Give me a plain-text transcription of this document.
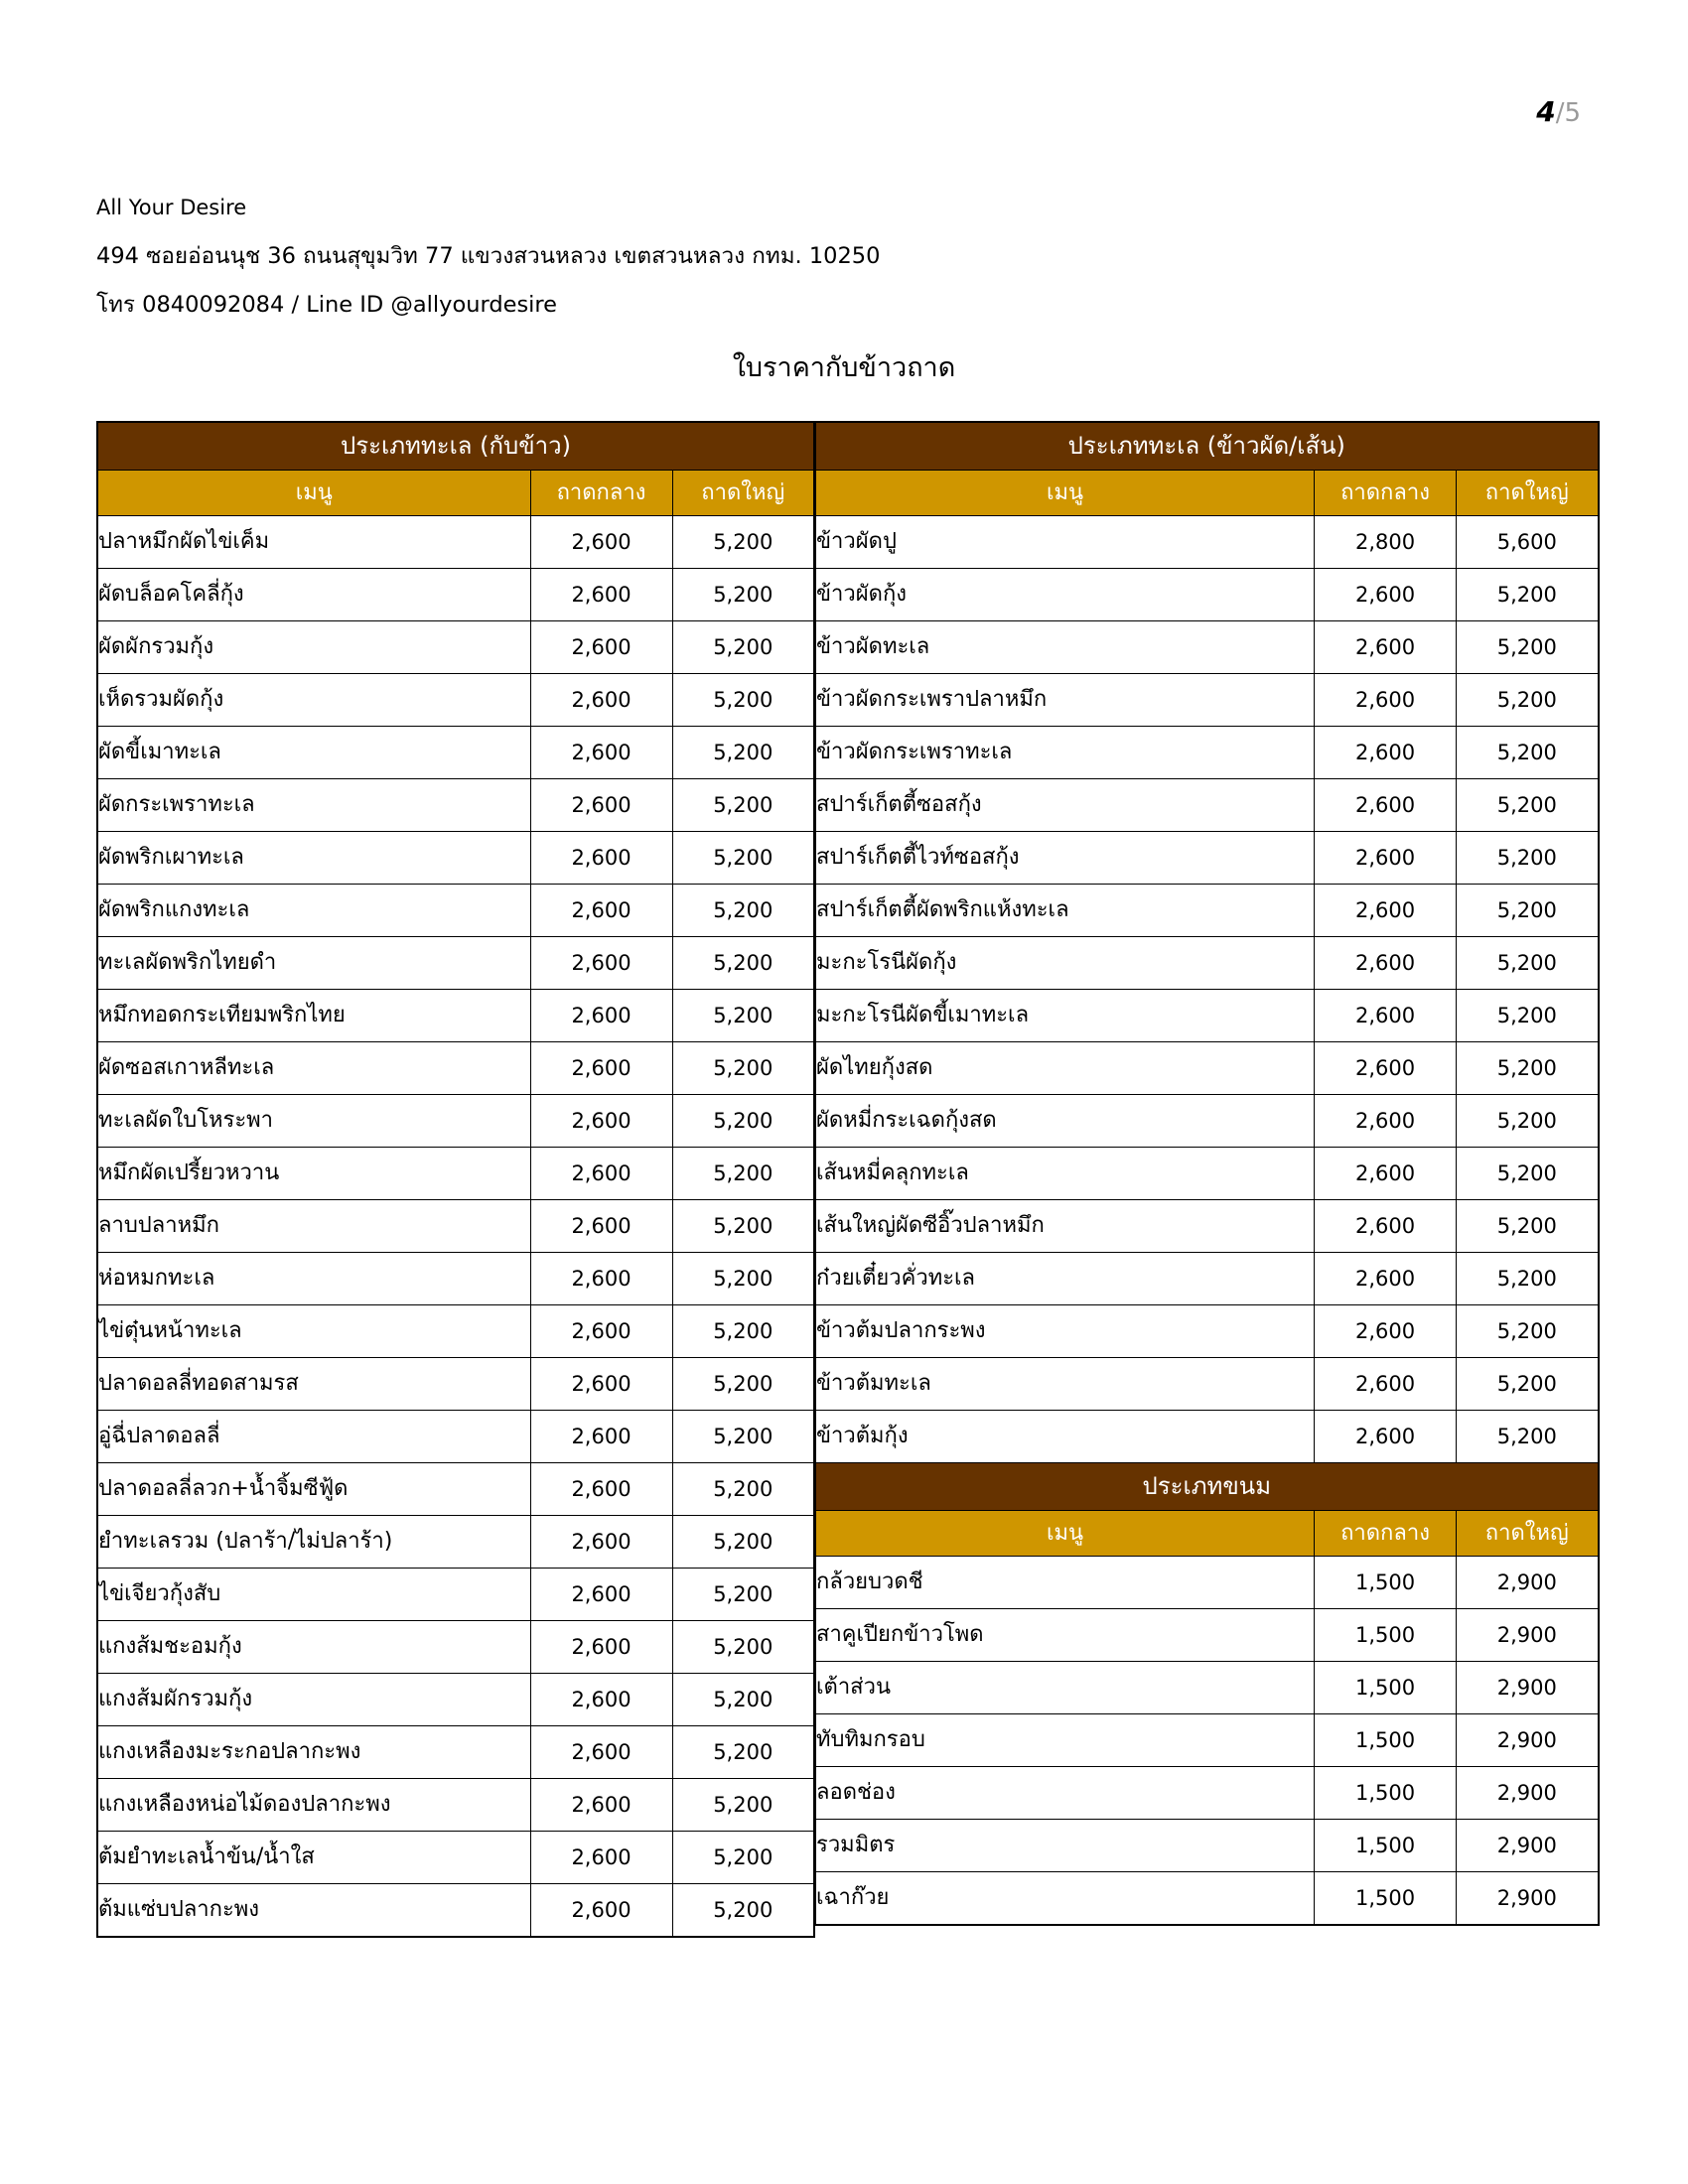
4/5
All Your Desire
494 ซอยอ่อนนุช 36 ถนนสุขุมวิท 77 แขวงสวนหลวง เขตสวนหลวง กทม. 10250
โทร 0840092084 / Line ID @allyourdesire
ใบราคากับข้าวถาด
ประเภททะเล (กับข้าว)		
เมนู	ถาดกลาง	ถาดใหญ่
ปลาหมึกผัดไข่เค็ม	2,600	5,200
ผัดบล็อคโคลี่กุ้ง	2,600	5,200
ผัดผักรวมกุ้ง	2,600	5,200
เห็ดรวมผัดกุ้ง	2,600	5,200
ผัดขี้เมาทะเล	2,600	5,200
ผัดกระเพราทะเล	2,600	5,200
ผัดพริกเผาทะเล	2,600	5,200
ผัดพริกแกงทะเล	2,600	5,200
ทะเลผัดพริกไทยดำ	2,600	5,200
หมึกทอดกระเทียมพริกไทย	2,600	5,200
ผัดซอสเกาหลีทะเล	2,600	5,200
ทะเลผัดใบโหระพา	2,600	5,200
หมึกผัดเปรี้ยวหวาน	2,600	5,200
ลาบปลาหมึก	2,600	5,200
ห่อหมกทะเล	2,600	5,200
ไข่ตุ๋นหน้าทะเล	2,600	5,200
ปลาดอลลี่ทอดสามรส	2,600	5,200
อู่ฉี่ปลาดอลลี่	2,600	5,200
ปลาดอลลี่ลวก+น้ำจิ้มซีฟู้ด	2,600	5,200
ยำทะเลรวม (ปลาร้า/ไม่ปลาร้า)	2,600	5,200
ไข่เจียวกุ้งสับ	2,600	5,200
แกงส้มชะอมกุ้ง	2,600	5,200
แกงส้มผักรวมกุ้ง	2,600	5,200
แกงเหลืองมะระกอปลากะพง	2,600	5,200
แกงเหลืองหน่อไม้ดองปลากะพง	2,600	5,200
ต้มยำทะเลน้ำข้น/น้ำใส	2,600	5,200
ต้มแซ่บปลากะพง	2,600	5,200
ประเภททะเล (ข้าวผัด/เส้น)		
เมนู	ถาดกลาง	ถาดใหญ่
ข้าวผัดปู	2,800	5,600
ข้าวผัดกุ้ง	2,600	5,200
ข้าวผัดทะเล	2,600	5,200
ข้าวผัดกระเพราปลาหมึก	2,600	5,200
ข้าวผัดกระเพราทะเล	2,600	5,200
สปาร์เก็ตตี้ซอสกุ้ง	2,600	5,200
สปาร์เก็ตตี้ไวท์ซอสกุ้ง	2,600	5,200
สปาร์เก็ตตี้ผัดพริกแห้งทะเล	2,600	5,200
มะกะโรนีผัดกุ้ง	2,600	5,200
มะกะโรนีผัดขี้เมาทะเล	2,600	5,200
ผัดไทยกุ้งสด	2,600	5,200
ผัดหมี่กระเฉดกุ้งสด	2,600	5,200
เส้นหมี่คลุกทะเล	2,600	5,200
เส้นใหญ่ผัดซีอิ๊วปลาหมึก	2,600	5,200
ก๋วยเตี๋ยวคั่วทะเล	2,600	5,200
ข้าวต้มปลากระพง	2,600	5,200
ข้าวต้มทะเล	2,600	5,200
ข้าวต้มกุ้ง	2,600	5,200
ประเภทขนม		
เมนู	ถาดกลาง	ถาดใหญ่
กล้วยบวดชี	1,500	2,900
สาคูเปียกข้าวโพด	1,500	2,900
เต้าส่วน	1,500	2,900
ทับทิมกรอบ	1,500	2,900
ลอดช่อง	1,500	2,900
รวมมิตร	1,500	2,900
เฉาก๊วย	1,500	2,900
